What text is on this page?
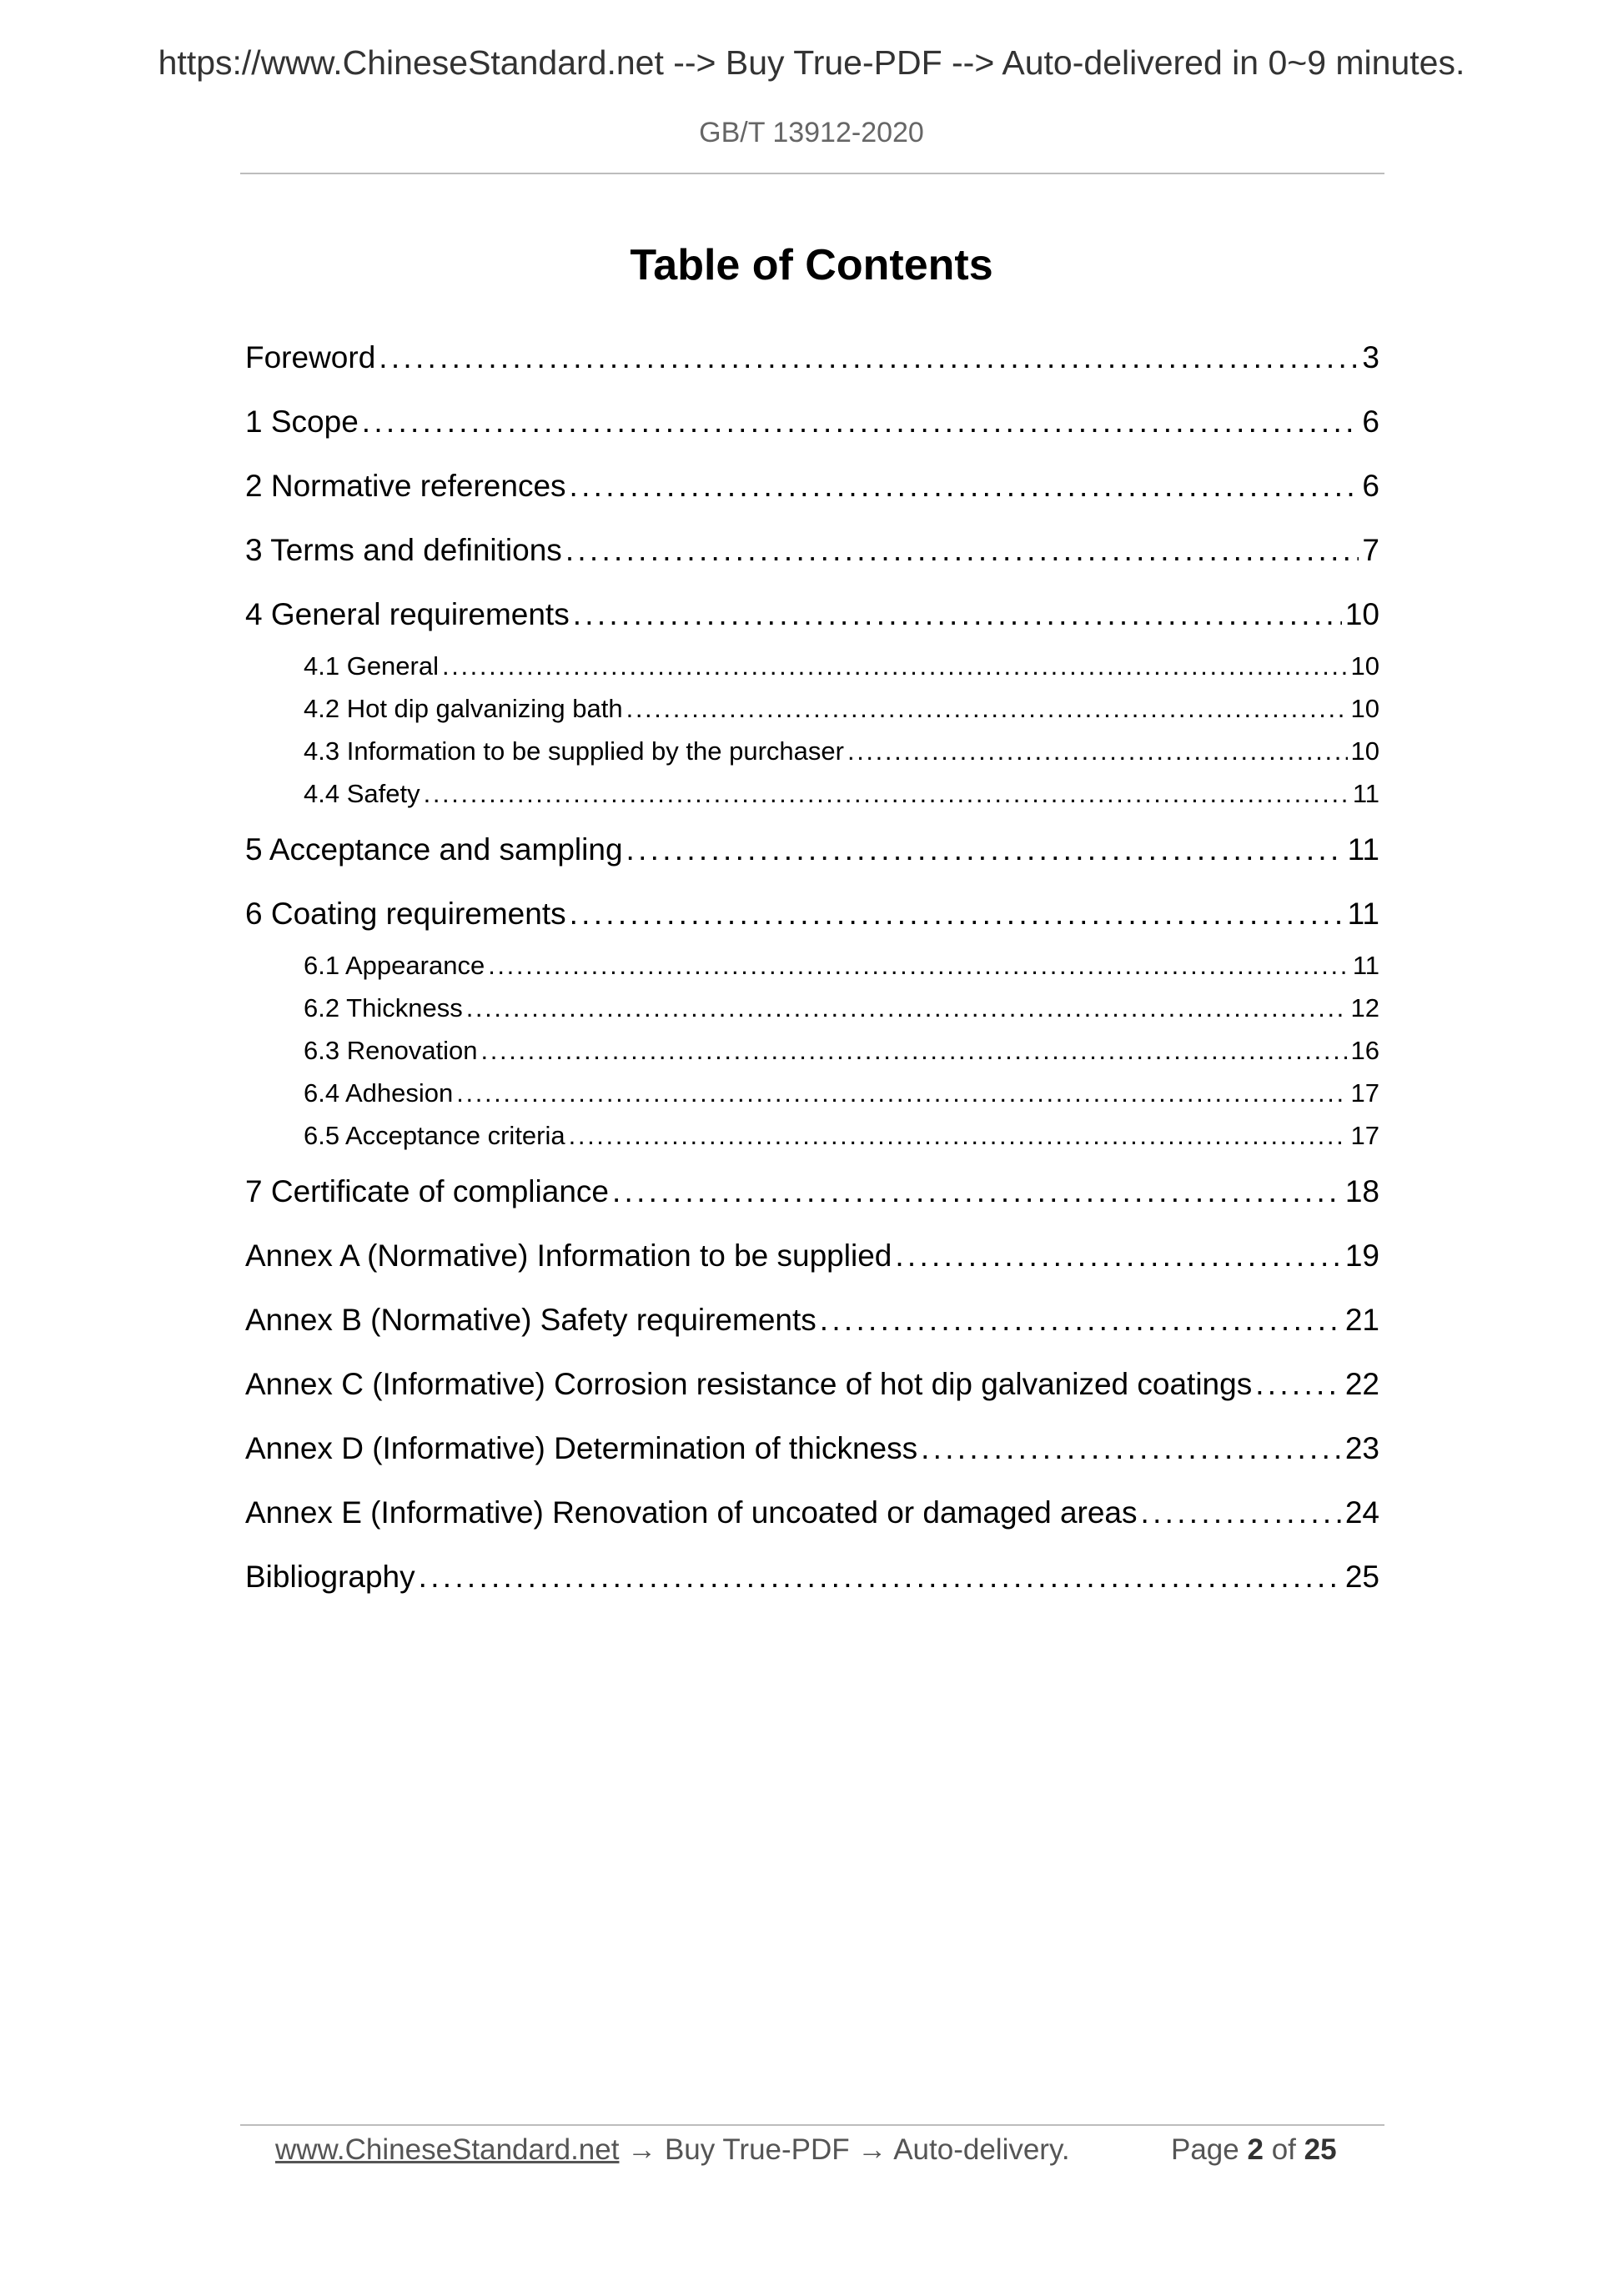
https://www.ChineseStandard.net --> Buy True-PDF --> Auto-delivered in 0~9 minutes.
GB/T 13912-2020
Table of Contents
Foreword . . .	3
1 Scope . . .	6
2 Normative references . . .	6
3 Terms and definitions . . .	7
4 General requirements . . .	10
4.1 General . . .	10
4.2 Hot dip galvanizing bath . . .	10
4.3 Information to be supplied by the purchaser . . .	10
4.4 Safety . . .	11
5 Acceptance and sampling . . .	11
6 Coating requirements . . .	11
6.1 Appearance . . .	11
6.2 Thickness . . .	12
6.3 Renovation . . .	16
6.4 Adhesion . . .	17
6.5 Acceptance criteria . . .	17
7 Certificate of compliance . . .	18
Annex A (Normative) Information to be supplied . . .	19
Annex B (Normative) Safety requirements . . .	21
Annex C (Informative) Corrosion resistance of hot dip galvanized coatings . . .	22
Annex D (Informative) Determination of thickness . . .	23
Annex E (Informative) Renovation of uncoated or damaged areas . . .	24
Bibliography . . .	25
www.ChineseStandard.net → Buy True-PDF → Auto-delivery.	Page 2 of 25
